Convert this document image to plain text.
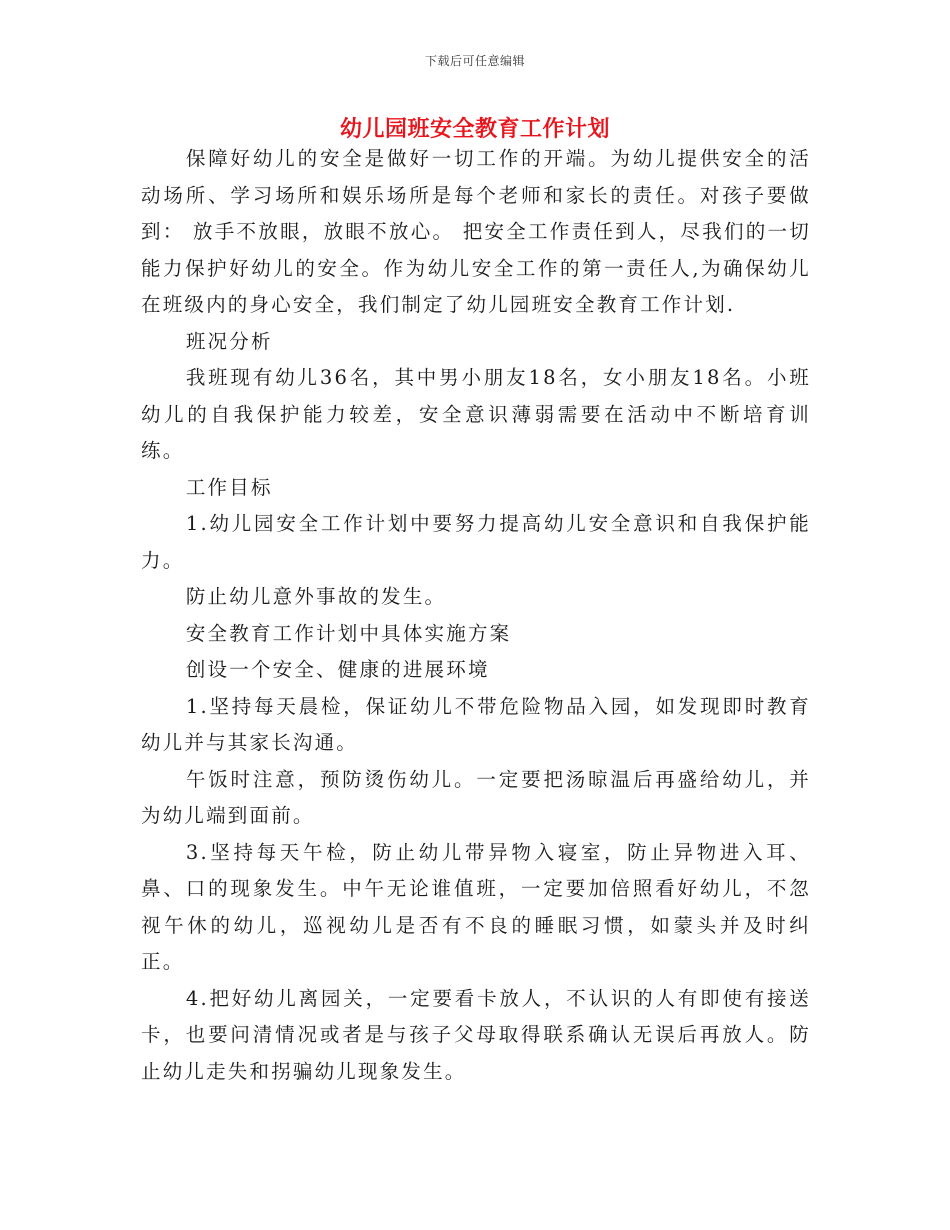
下载后可任意编辑
幼儿园班安全教育工作计划

保障好幼儿的安全是做好一切工作的开端。为幼儿提供安全的活动场所、学习场所和娱乐场所是每个老师和家长的责任。对孩子要做到： 放手不放眼，放眼不放心。 把安全工作责任到人，尽我们的一切能力保护好幼儿的安全。作为幼儿安全工作的第一责任人,为确保幼儿在班级内的身心安全，我们制定了幼儿园班安全教育工作计划.

班况分析

我班现有幼儿36名，其中男小朋友18名，女小朋友18名。小班幼儿的自我保护能力较差，安全意识薄弱需要在活动中不断培育训练。

工作目标

1.幼儿园安全工作计划中要努力提高幼儿安全意识和自我保护能力。

防止幼儿意外事故的发生。

安全教育工作计划中具体实施方案

创设一个安全、健康的进展环境

1.坚持每天晨检，保证幼儿不带危险物品入园，如发现即时教育幼儿并与其家长沟通。

午饭时注意，预防烫伤幼儿。一定要把汤晾温后再盛给幼儿，并为幼儿端到面前。

3.坚持每天午检，防止幼儿带异物入寝室，防止异物进入耳、鼻、口的现象发生。中午无论谁值班，一定要加倍照看好幼儿，不忽视午休的幼儿，巡视幼儿是否有不良的睡眠习惯，如蒙头并及时纠正。

4.把好幼儿离园关，一定要看卡放人，不认识的人有即使有接送卡，也要问清情况或者是与孩子父母取得联系确认无误后再放人。防止幼儿走失和拐骗幼儿现象发生。
